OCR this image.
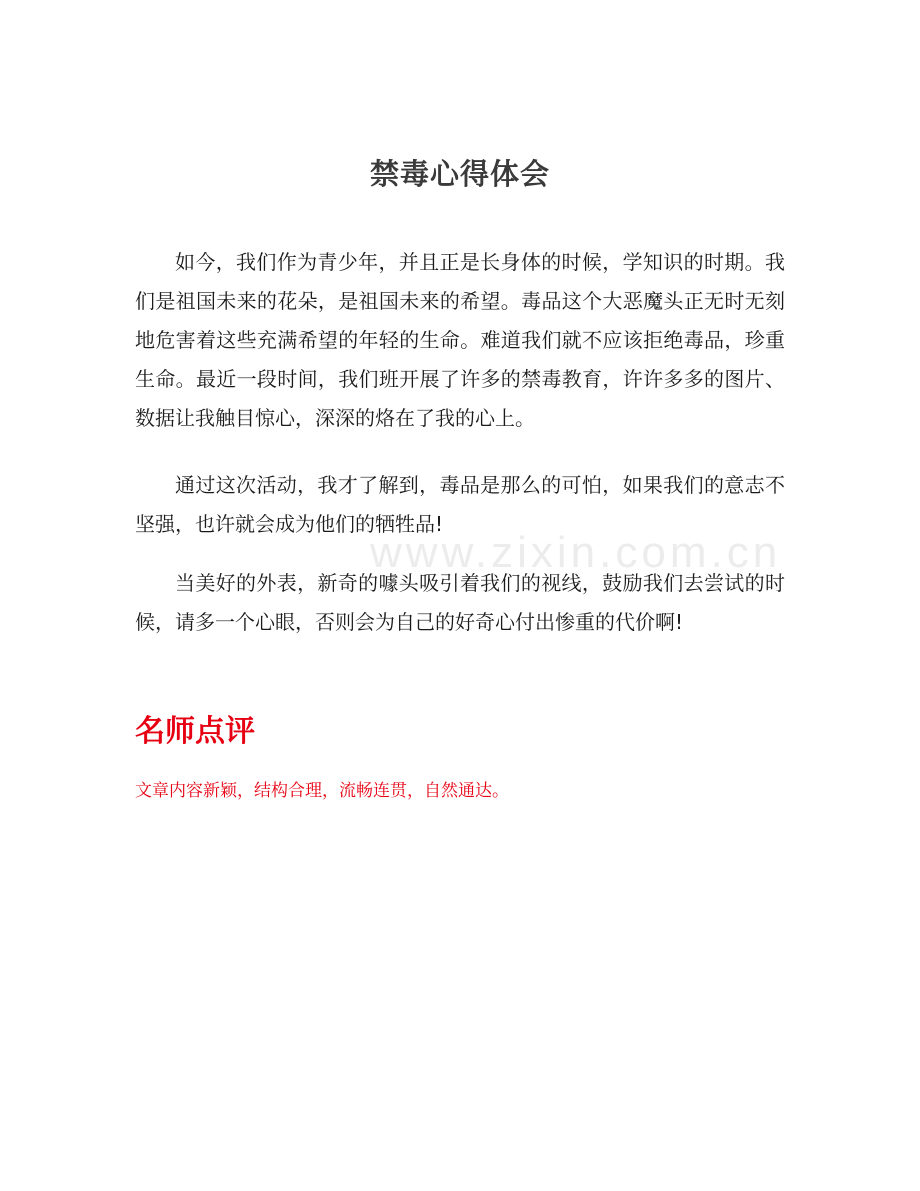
禁毒心得体会
www.zixin.com.cn

如今，我们作为青少年，并且正是长身体的时候，学知识的时期。我们是祖国未来的花朵，是祖国未来的希望。毒品这个大恶魔头正无时无刻地危害着这些充满希望的年轻的生命。难道我们就不应该拒绝毒品，珍重生命。最近一段时间，我们班开展了许多的禁毒教育，许许多多的图片、数据让我触目惊心，深深的烙在了我的心上。

通过这次活动，我才了解到，毒品是那么的可怕，如果我们的意志不坚强，也许就会成为他们的牺牲品!

当美好的外表，新奇的噱头吸引着我们的视线，鼓励我们去尝试的时候，请多一个心眼，否则会为自己的好奇心付出惨重的代价啊!

名师点评
文章内容新颖，结构合理，流畅连贯，自然通达。
